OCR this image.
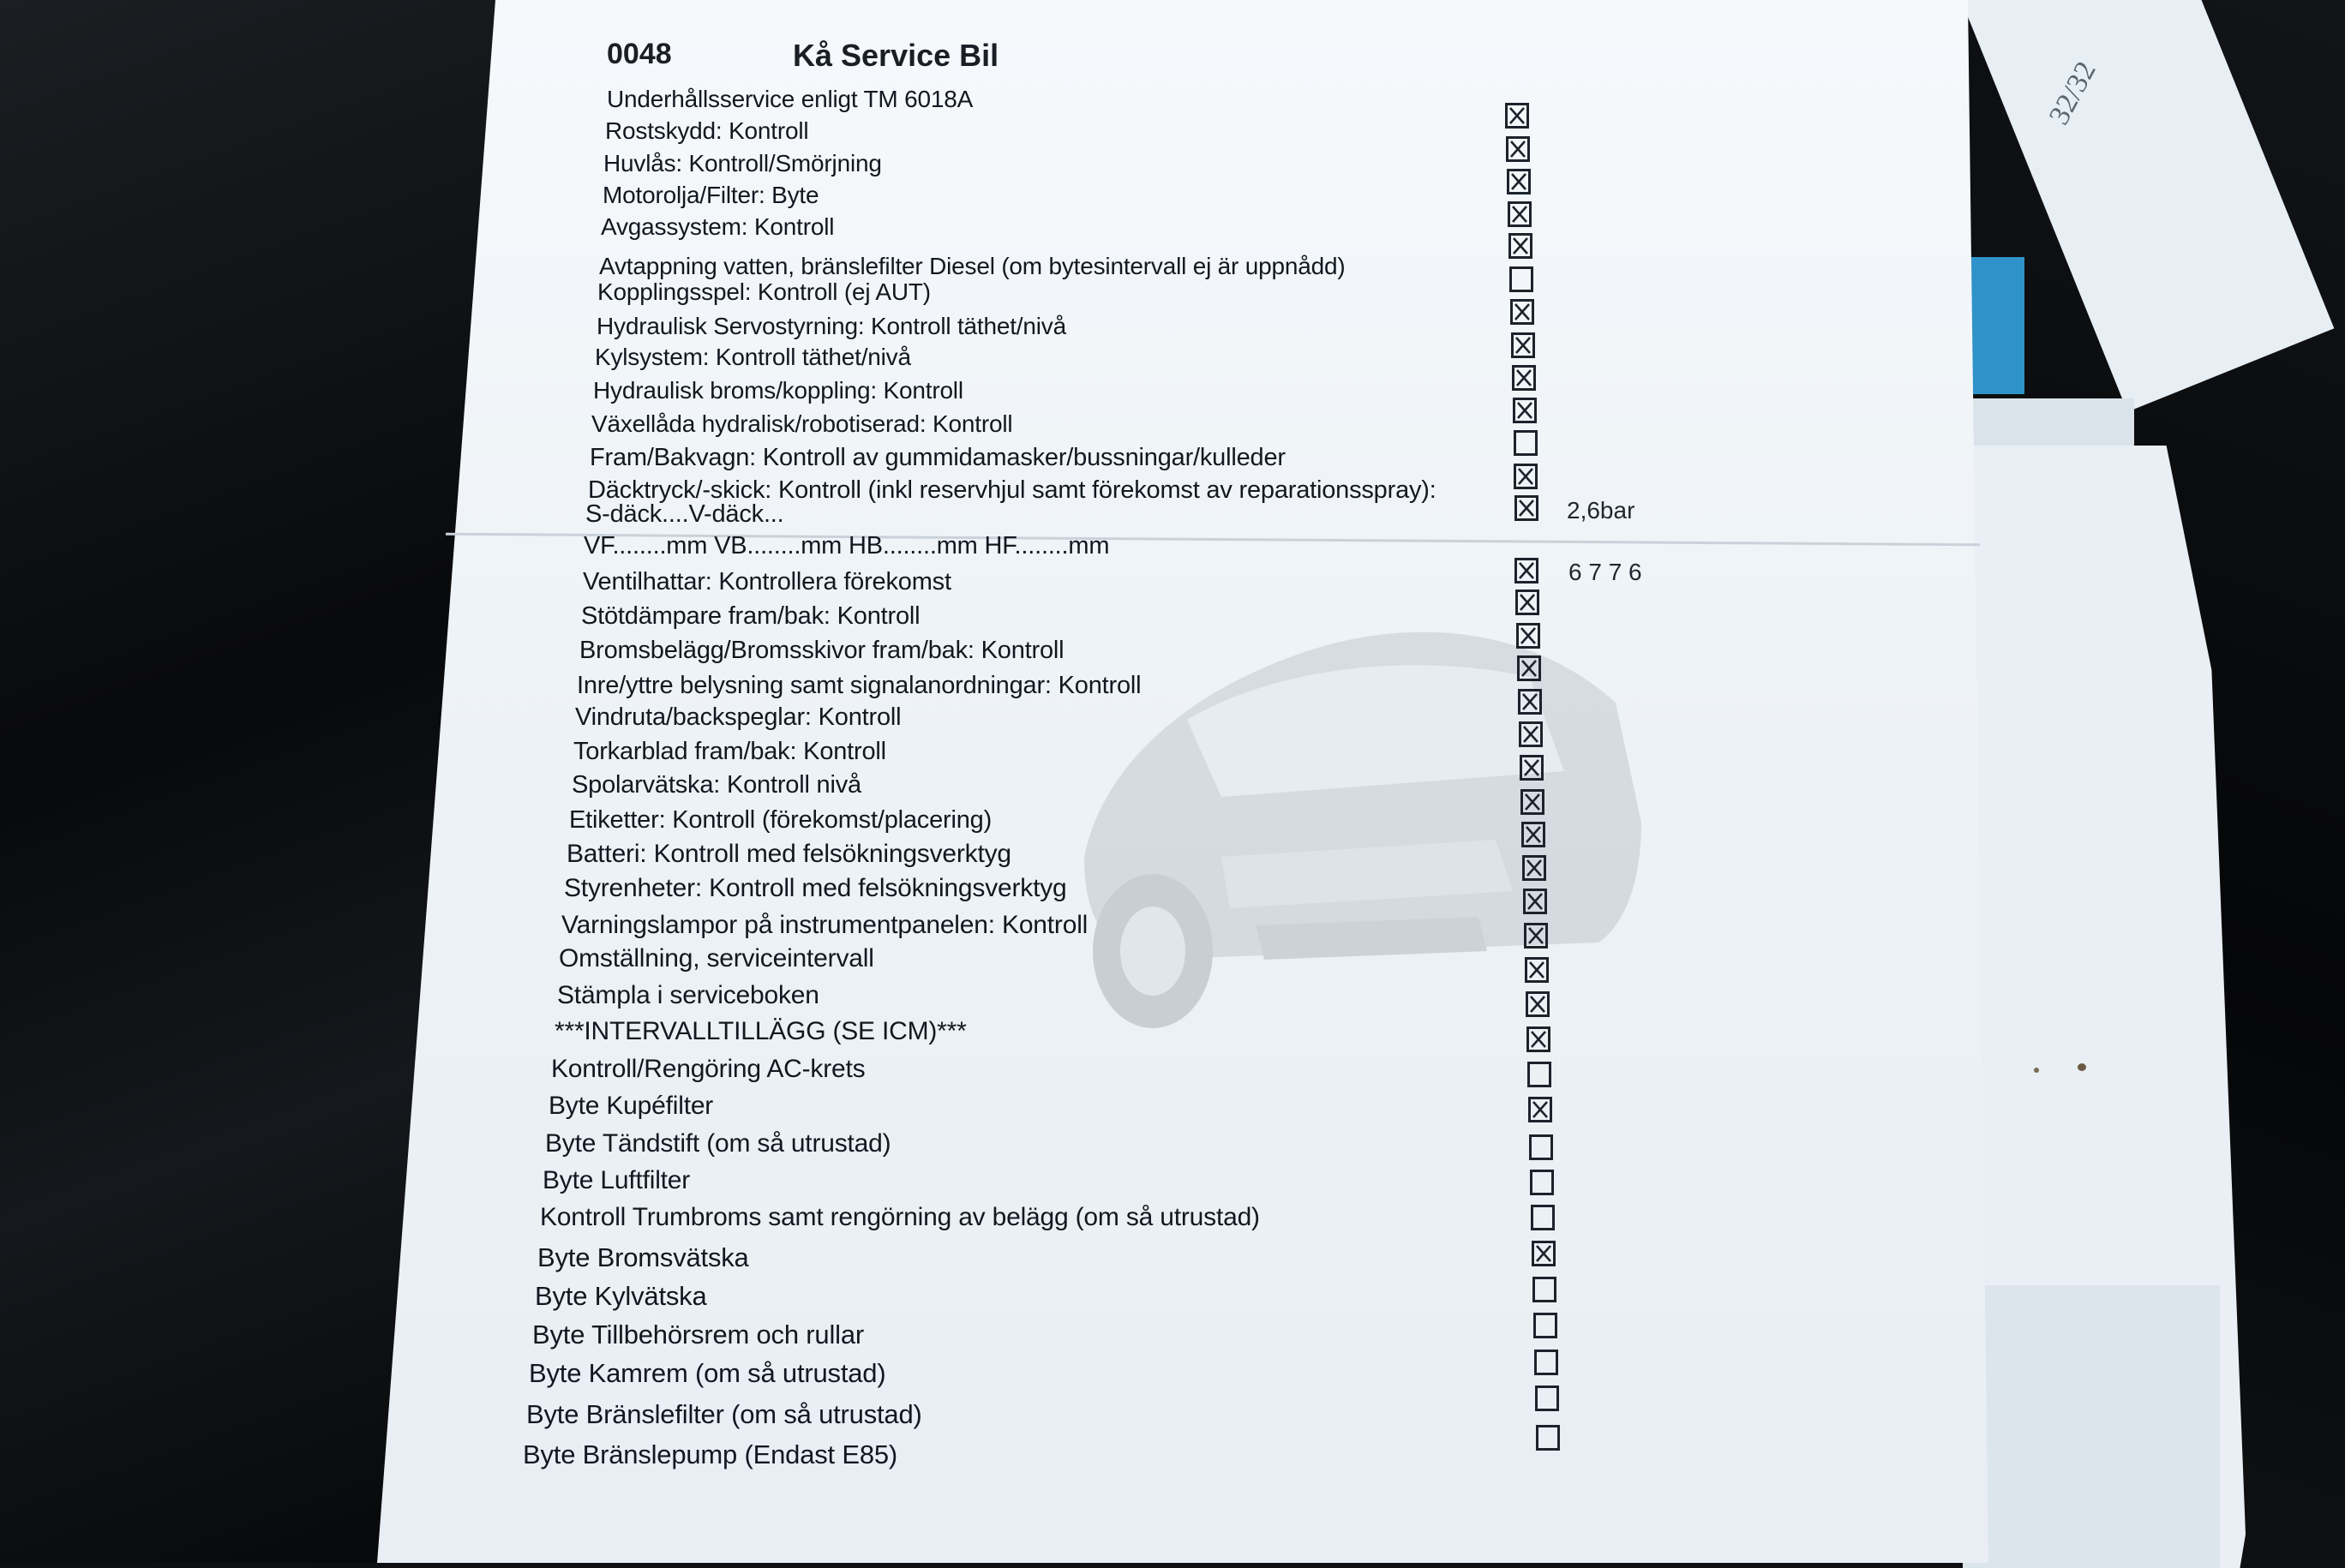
32/32
0048	Kå Service Bil
Underhållsservice enligt TM 6018A
Rostskydd: Kontroll
Huvlås: Kontroll/Smörjning
Motorolja/Filter: Byte
Avgassystem: Kontroll
Avtappning vatten, bränslefilter Diesel (om bytesintervall ej är uppnådd)
Kopplingsspel: Kontroll (ej AUT)
Hydraulisk Servostyrning: Kontroll täthet/nivå
Kylsystem: Kontroll täthet/nivå
Hydraulisk broms/koppling: Kontroll
Växellåda hydralisk/robotiserad: Kontroll
Fram/Bakvagn: Kontroll av gummidamasker/bussningar/kulleder
Däcktryck/-skick: Kontroll (inkl reservhjul samt förekomst av reparationsspray):
2,6bar
S-däck....V-däck...
VF........mm VB........mm HB........mm HF........mm
6 7 7 6
Ventilhattar: Kontrollera förekomst
Stötdämpare fram/bak: Kontroll
Bromsbelägg/Bromsskivor fram/bak: Kontroll
Inre/yttre belysning samt signalanordningar: Kontroll
Vindruta/backspeglar: Kontroll
Torkarblad fram/bak: Kontroll
Spolarvätska: Kontroll nivå
Etiketter: Kontroll (förekomst/placering)
Batteri: Kontroll med felsökningsverktyg
Styrenheter: Kontroll med felsökningsverktyg
Varningslampor på instrumentpanelen: Kontroll
Omställning, serviceintervall
Stämpla i serviceboken
***INTERVALLTILLÄGG (SE ICM)***
Kontroll/Rengöring AC-krets
Byte Kupéfilter
Byte Tändstift (om så utrustad)
Byte Luftfilter
Kontroll Trumbroms samt rengörning av belägg (om så utrustad)
Byte Bromsvätska
Byte Kylvätska
Byte Tillbehörsrem och rullar
Byte Kamrem (om så utrustad)
Byte Bränslefilter (om så utrustad)
Byte Bränslepump (Endast E85)
